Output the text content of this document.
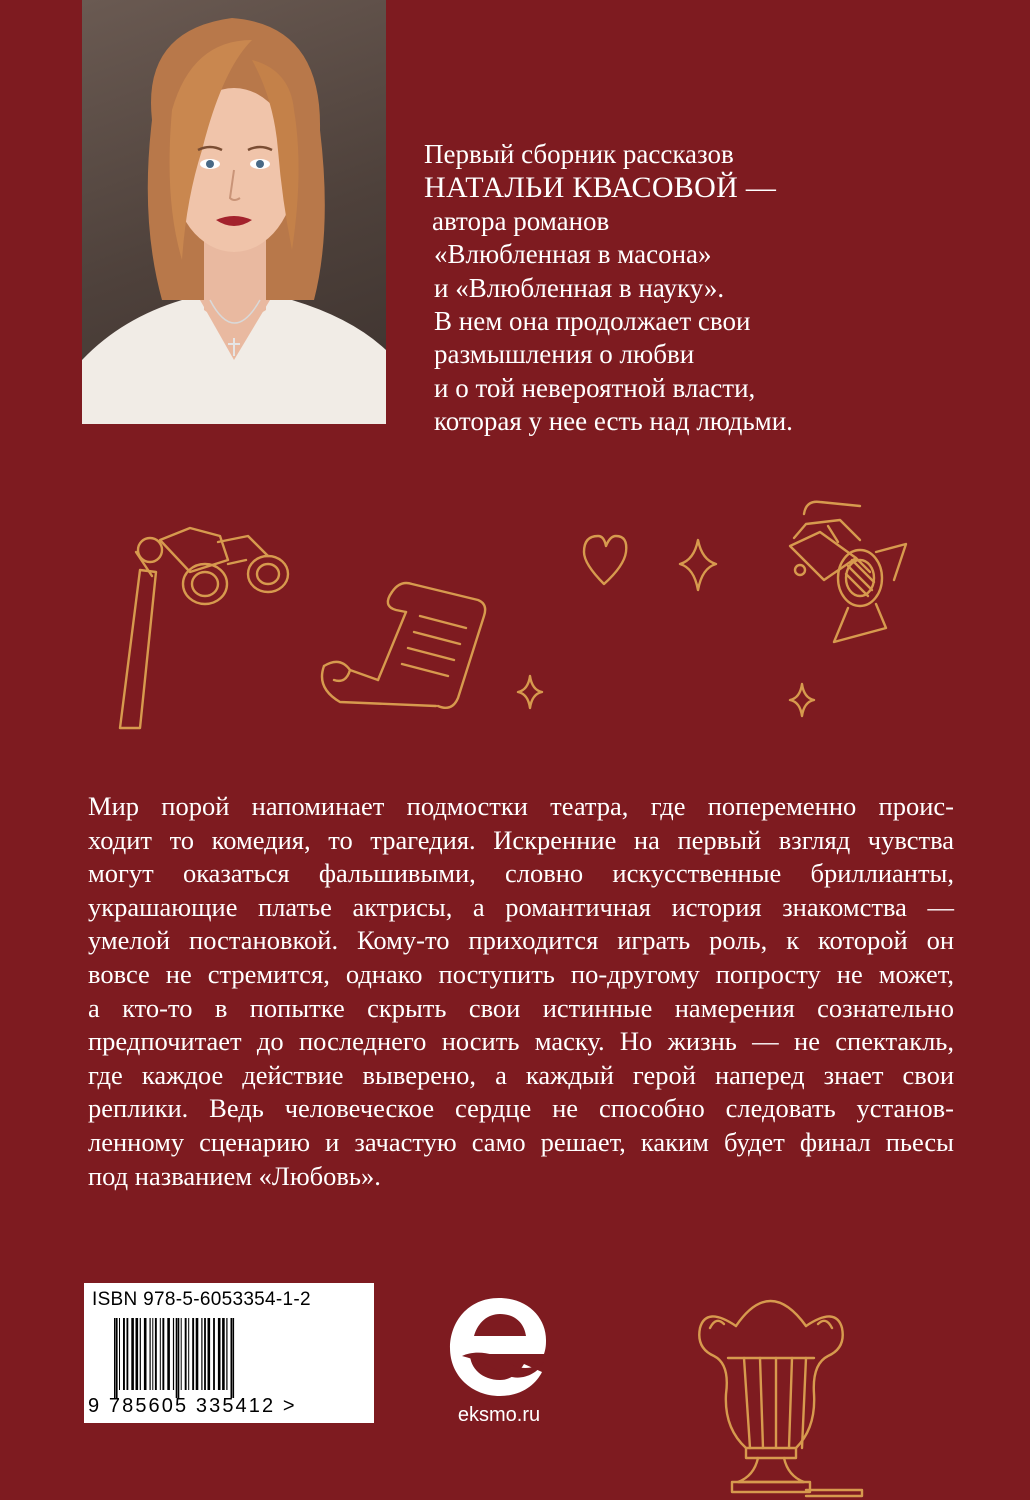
Первый сборник рассказов
НАТАЛЬИ КВАСОВОЙ —
автора романов
«Влюбленная в масона»
и «Влюбленная в науку».
В нем она продолжает свои
размышления о любви
и о той невероятной власти,
которая у нее есть над людьми.
Мир порой напоминает подмостки театра, где попеременно проис-
ходит то комедия, то трагедия. Искренние на первый взгляд чувства
могут оказаться фальшивыми, словно искусственные бриллианты,
украшающие платье актрисы, а романтичная история знакомства —
умелой постановкой. Кому-то приходится играть роль, к которой он
вовсе не стремится, однако поступить по-другому попросту не может,
а кто-то в попытке скрыть свои истинные намерения сознательно
предпочитает до последнего носить маску. Но жизнь — не спектакль,
где каждое действие выверено, а каждый герой наперед знает свои
реплики. Ведь человеческое сердце не способно следовать установ-
ленному сценарию и зачастую само решает, каким будет финал пьесы
под названием «Любовь».
ISBN 978-5-6053354-1-2
9 785605 335412 >	eksmo.ru
